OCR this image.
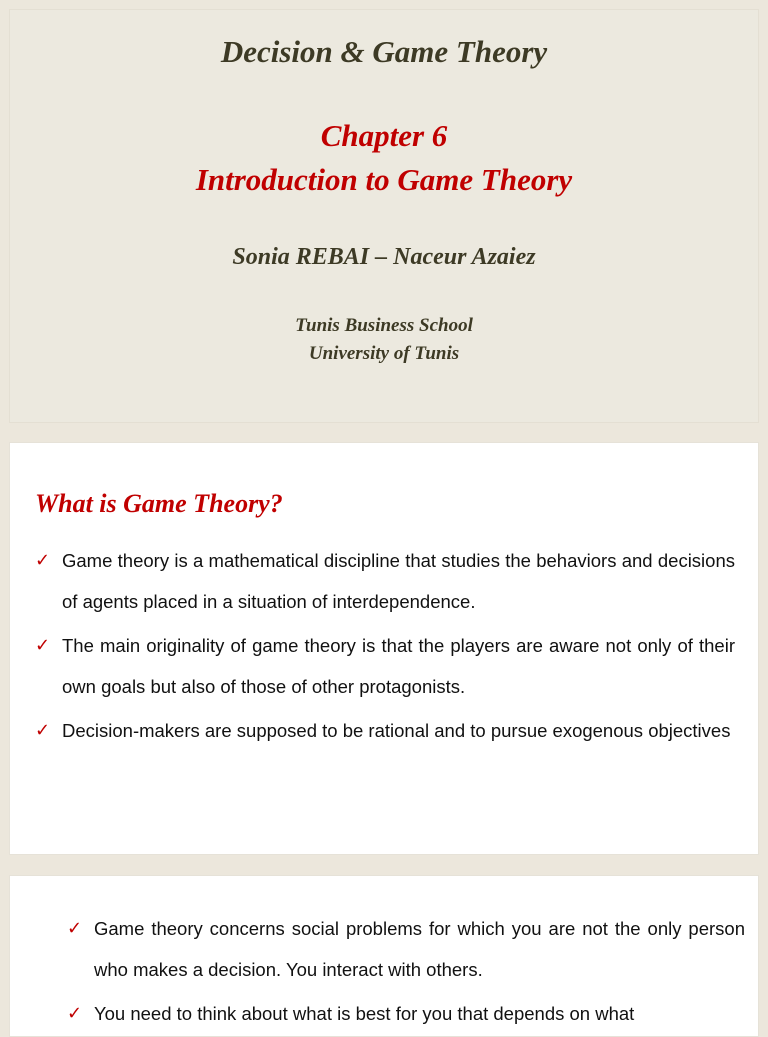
Decision & Game Theory
Chapter 6
Introduction to Game Theory
Sonia REBAI – Naceur Azaiez
Tunis Business School
University of Tunis
What is Game Theory?
✓ Game theory is a mathematical discipline that studies the behaviors and decisions of agents placed in a situation of interdependence.
✓ The main originality of game theory is that the players are aware not only of their own goals but also of those of other protagonists.
✓ Decision-makers are supposed to be rational and to pursue exogenous objectives
✓ Game theory concerns social problems for which you are not the only person who makes a decision. You interact with others.
✓ You need to think about what is best for you that depends on what
